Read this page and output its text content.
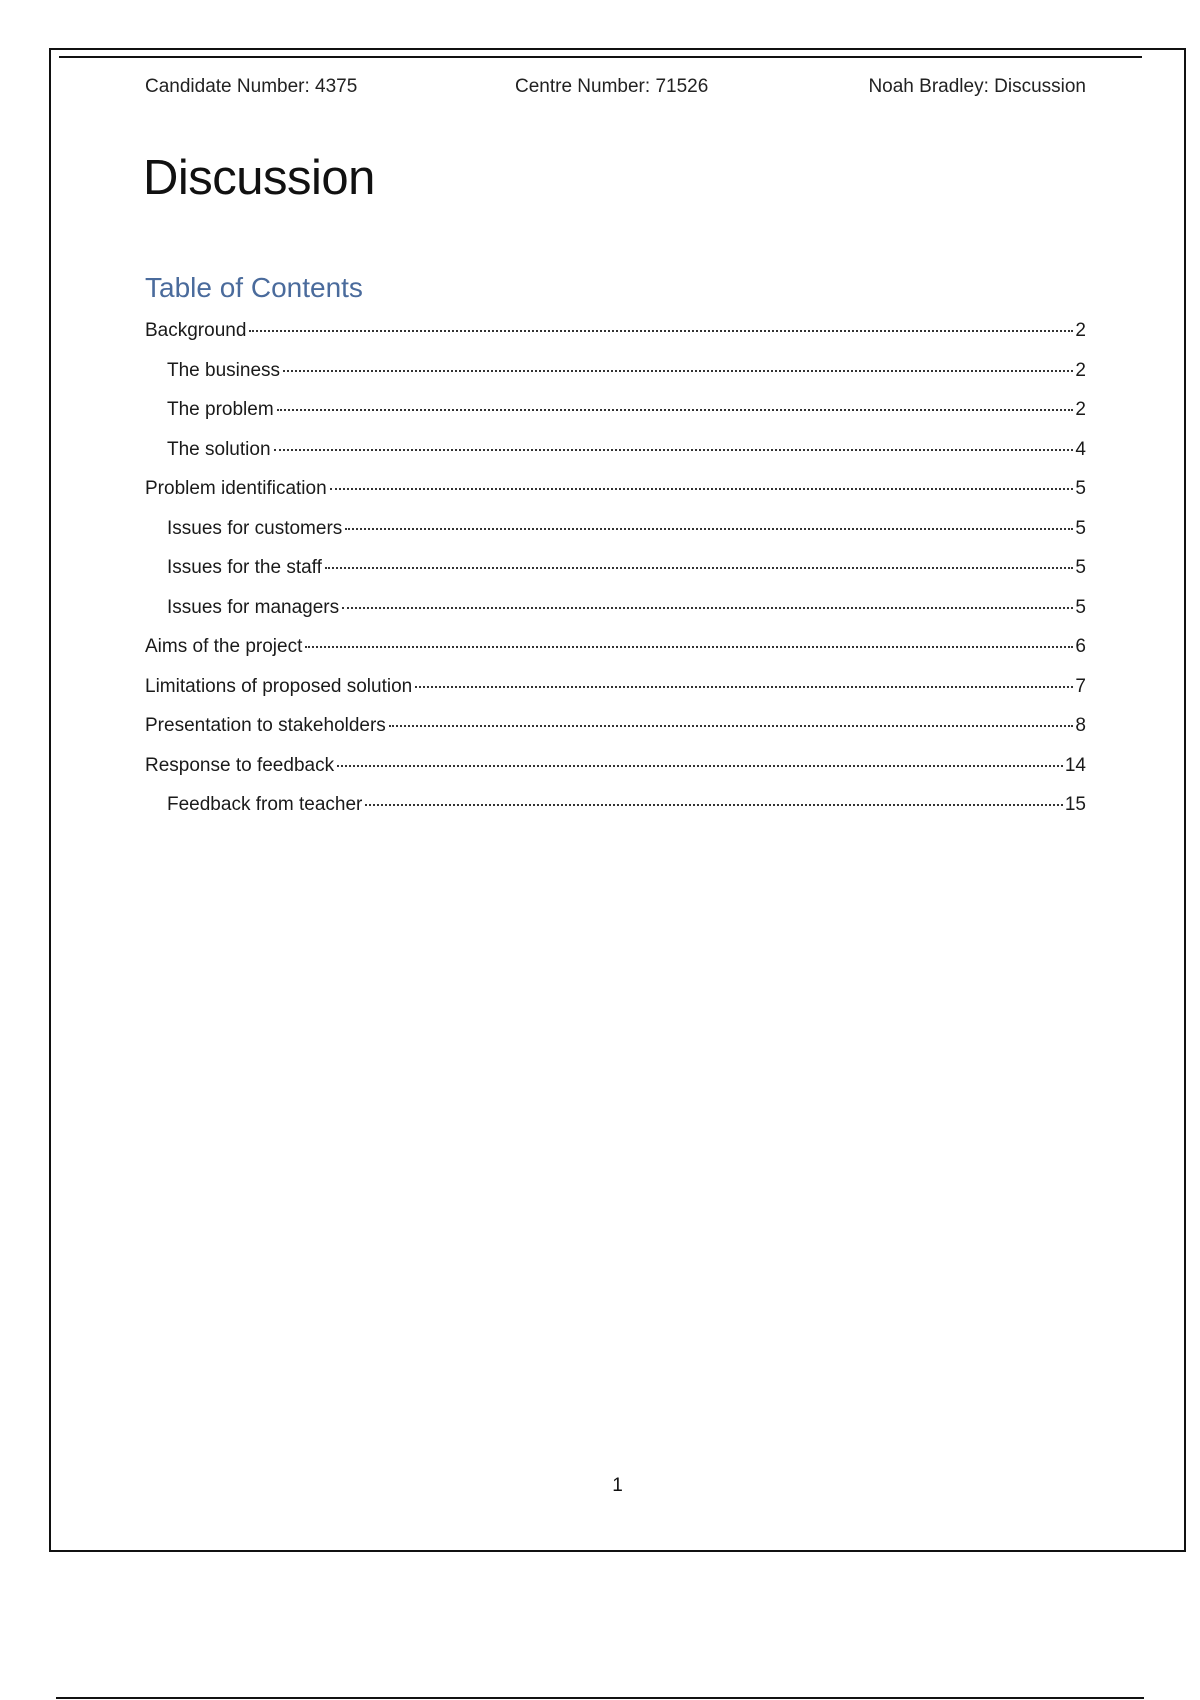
Candidate Number: 4375	Centre Number: 71526	Noah Bradley: Discussion
Discussion
Table of Contents
Background	2
The business	2
The problem	2
The solution	4
Problem identification	5
Issues for customers	5
Issues for the staff	5
Issues for managers	5
Aims of the project	6
Limitations of proposed solution	7
Presentation to stakeholders	8
Response to feedback	14
Feedback from teacher	15
1
